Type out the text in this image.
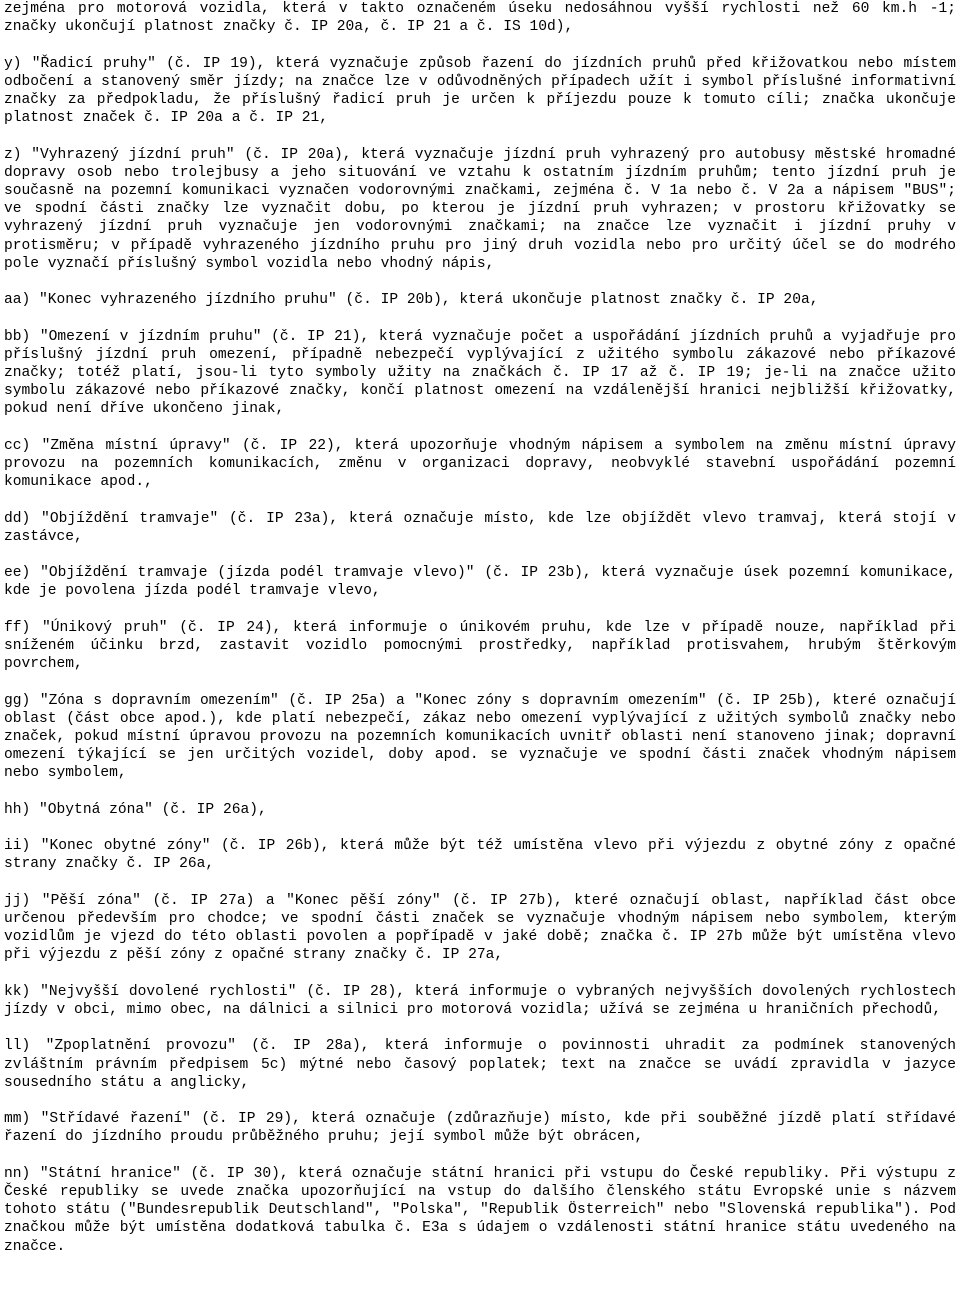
zejména pro motorová vozidla, která v takto označeném úseku nedosáhnou vyšší rychlosti než 60 km.h -1; značky ukončují platnost značky č. IP 20a, č. IP 21 a č. IS 10d),

y) "Řadicí pruhy" (č. IP 19), která vyznačuje způsob řazení do jízdních pruhů před křižovatkou nebo místem odbočení a stanovený směr jízdy; na značce lze v odůvodněných případech užít i symbol příslušné informativní značky za předpokladu, že příslušný řadicí pruh je určen k příjezdu pouze k tomuto cíli; značka ukončuje platnost značek č. IP 20a a č. IP 21,

z) "Vyhrazený jízdní pruh" (č. IP 20a), která vyznačuje jízdní pruh vyhrazený pro autobusy městské hromadné dopravy osob nebo trolejbusy a jeho situování ve vztahu k ostatním jízdním pruhům; tento jízdní pruh je současně na pozemní komunikaci vyznačen vodorovnými značkami, zejména č. V 1a nebo č. V 2a a nápisem "BUS"; ve spodní části značky lze vyznačit dobu, po kterou je jízdní pruh vyhrazen; v prostoru křižovatky se vyhrazený jízdní pruh vyznačuje jen vodorovnými značkami; na značce lze vyznačit i jízdní pruhy v protisměru; v případě vyhrazeného jízdního pruhu pro jiný druh vozidla nebo pro určitý účel se do modrého pole vyznačí příslušný symbol vozidla nebo vhodný nápis,

aa) "Konec vyhrazeného jízdního pruhu" (č. IP 20b), která ukončuje platnost značky č. IP 20a,

bb) "Omezení v jízdním pruhu" (č. IP 21), která vyznačuje počet a uspořádání jízdních pruhů a vyjadřuje pro příslušný jízdní pruh omezení, případně nebezpečí vyplývající z užitého symbolu zákazové nebo příkazové značky; totéž platí, jsou-li tyto symboly užity na značkách č. IP 17 až č. IP 19; je-li na značce užito symbolu zákazové nebo příkazové značky, končí platnost omezení na vzdálenější hranici nejbližší křižovatky, pokud není dříve ukončeno jinak,

cc) "Změna místní úpravy" (č. IP 22), která upozorňuje vhodným nápisem a symbolem na změnu místní úpravy provozu na pozemních komunikacích, změnu v organizaci dopravy, neobvyklé stavební uspořádání pozemní komunikace apod.,

dd) "Objíždění tramvaje" (č. IP 23a), která označuje místo, kde lze objíždět vlevo tramvaj, která stojí v zastávce,

ee) "Objíždění tramvaje (jízda podél tramvaje vlevo)" (č. IP 23b), která vyznačuje úsek pozemní komunikace, kde je povolena jízda podél tramvaje vlevo,

ff) "Únikový pruh" (č. IP 24), která informuje o únikovém pruhu, kde lze v případě nouze, například při sníženém účinku brzd, zastavit vozidlo pomocnými prostředky, například protisvahem, hrubým štěrkovým povrchem,

gg) "Zóna s dopravním omezením" (č. IP 25a) a "Konec zóny s dopravním omezením" (č. IP 25b), které označují oblast (část obce apod.), kde platí nebezpečí, zákaz nebo omezení vyplývající z užitých symbolů značky nebo značek, pokud místní úpravou provozu na pozemních komunikacích uvnitř oblasti není stanoveno jinak; dopravní omezení týkající se jen určitých vozidel, doby apod. se vyznačuje ve spodní části značek vhodným nápisem nebo symbolem,

hh) "Obytná zóna" (č. IP 26a),

ii) "Konec obytné zóny" (č. IP 26b), která může být též umístěna vlevo při výjezdu z obytné zóny z opačné strany značky č. IP 26a,

jj) "Pěší zóna" (č. IP 27a) a "Konec pěší zóny" (č. IP 27b), které označují oblast, například část obce určenou především pro chodce; ve spodní části značek se vyznačuje vhodným nápisem nebo symbolem, kterým vozidlům je vjezd do této oblasti povolen a popřípadě v jaké době; značka č. IP 27b může být umístěna vlevo při výjezdu z pěší zóny z opačné strany značky č. IP 27a,

kk) "Nejvyšší dovolené rychlosti" (č. IP 28), která informuje o vybraných nejvyšších dovolených rychlostech jízdy v obci, mimo obec, na dálnici a silnici pro motorová vozidla; užívá se zejména u hraničních přechodů,

ll) "Zpoplatnění provozu" (č. IP 28a), která informuje o povinnosti uhradit za podmínek stanovených zvláštním právním předpisem 5c) mýtné nebo časový poplatek; text na značce se uvádí zpravidla v jazyce sousedního státu a anglicky,

mm) "Střídavé řazení" (č. IP 29), která označuje (zdůrazňuje) místo, kde při souběžné jízdě platí střídavé řazení do jízdního proudu průběžného pruhu; její symbol může být obrácen,

nn) "Státní hranice" (č. IP 30), která označuje státní hranici při vstupu do České republiky. Při výstupu z České republiky se uvede značka upozorňující na vstup do dalšího členského státu Evropské unie s názvem tohoto státu ("Bundesrepublik Deutschland", "Polska", "Republik Österreich" nebo "Slovenská republika"). Pod značkou může být umístěna dodatková tabulka č. E3a s údajem o vzdálenosti státní hranice státu uvedeného na značce.
